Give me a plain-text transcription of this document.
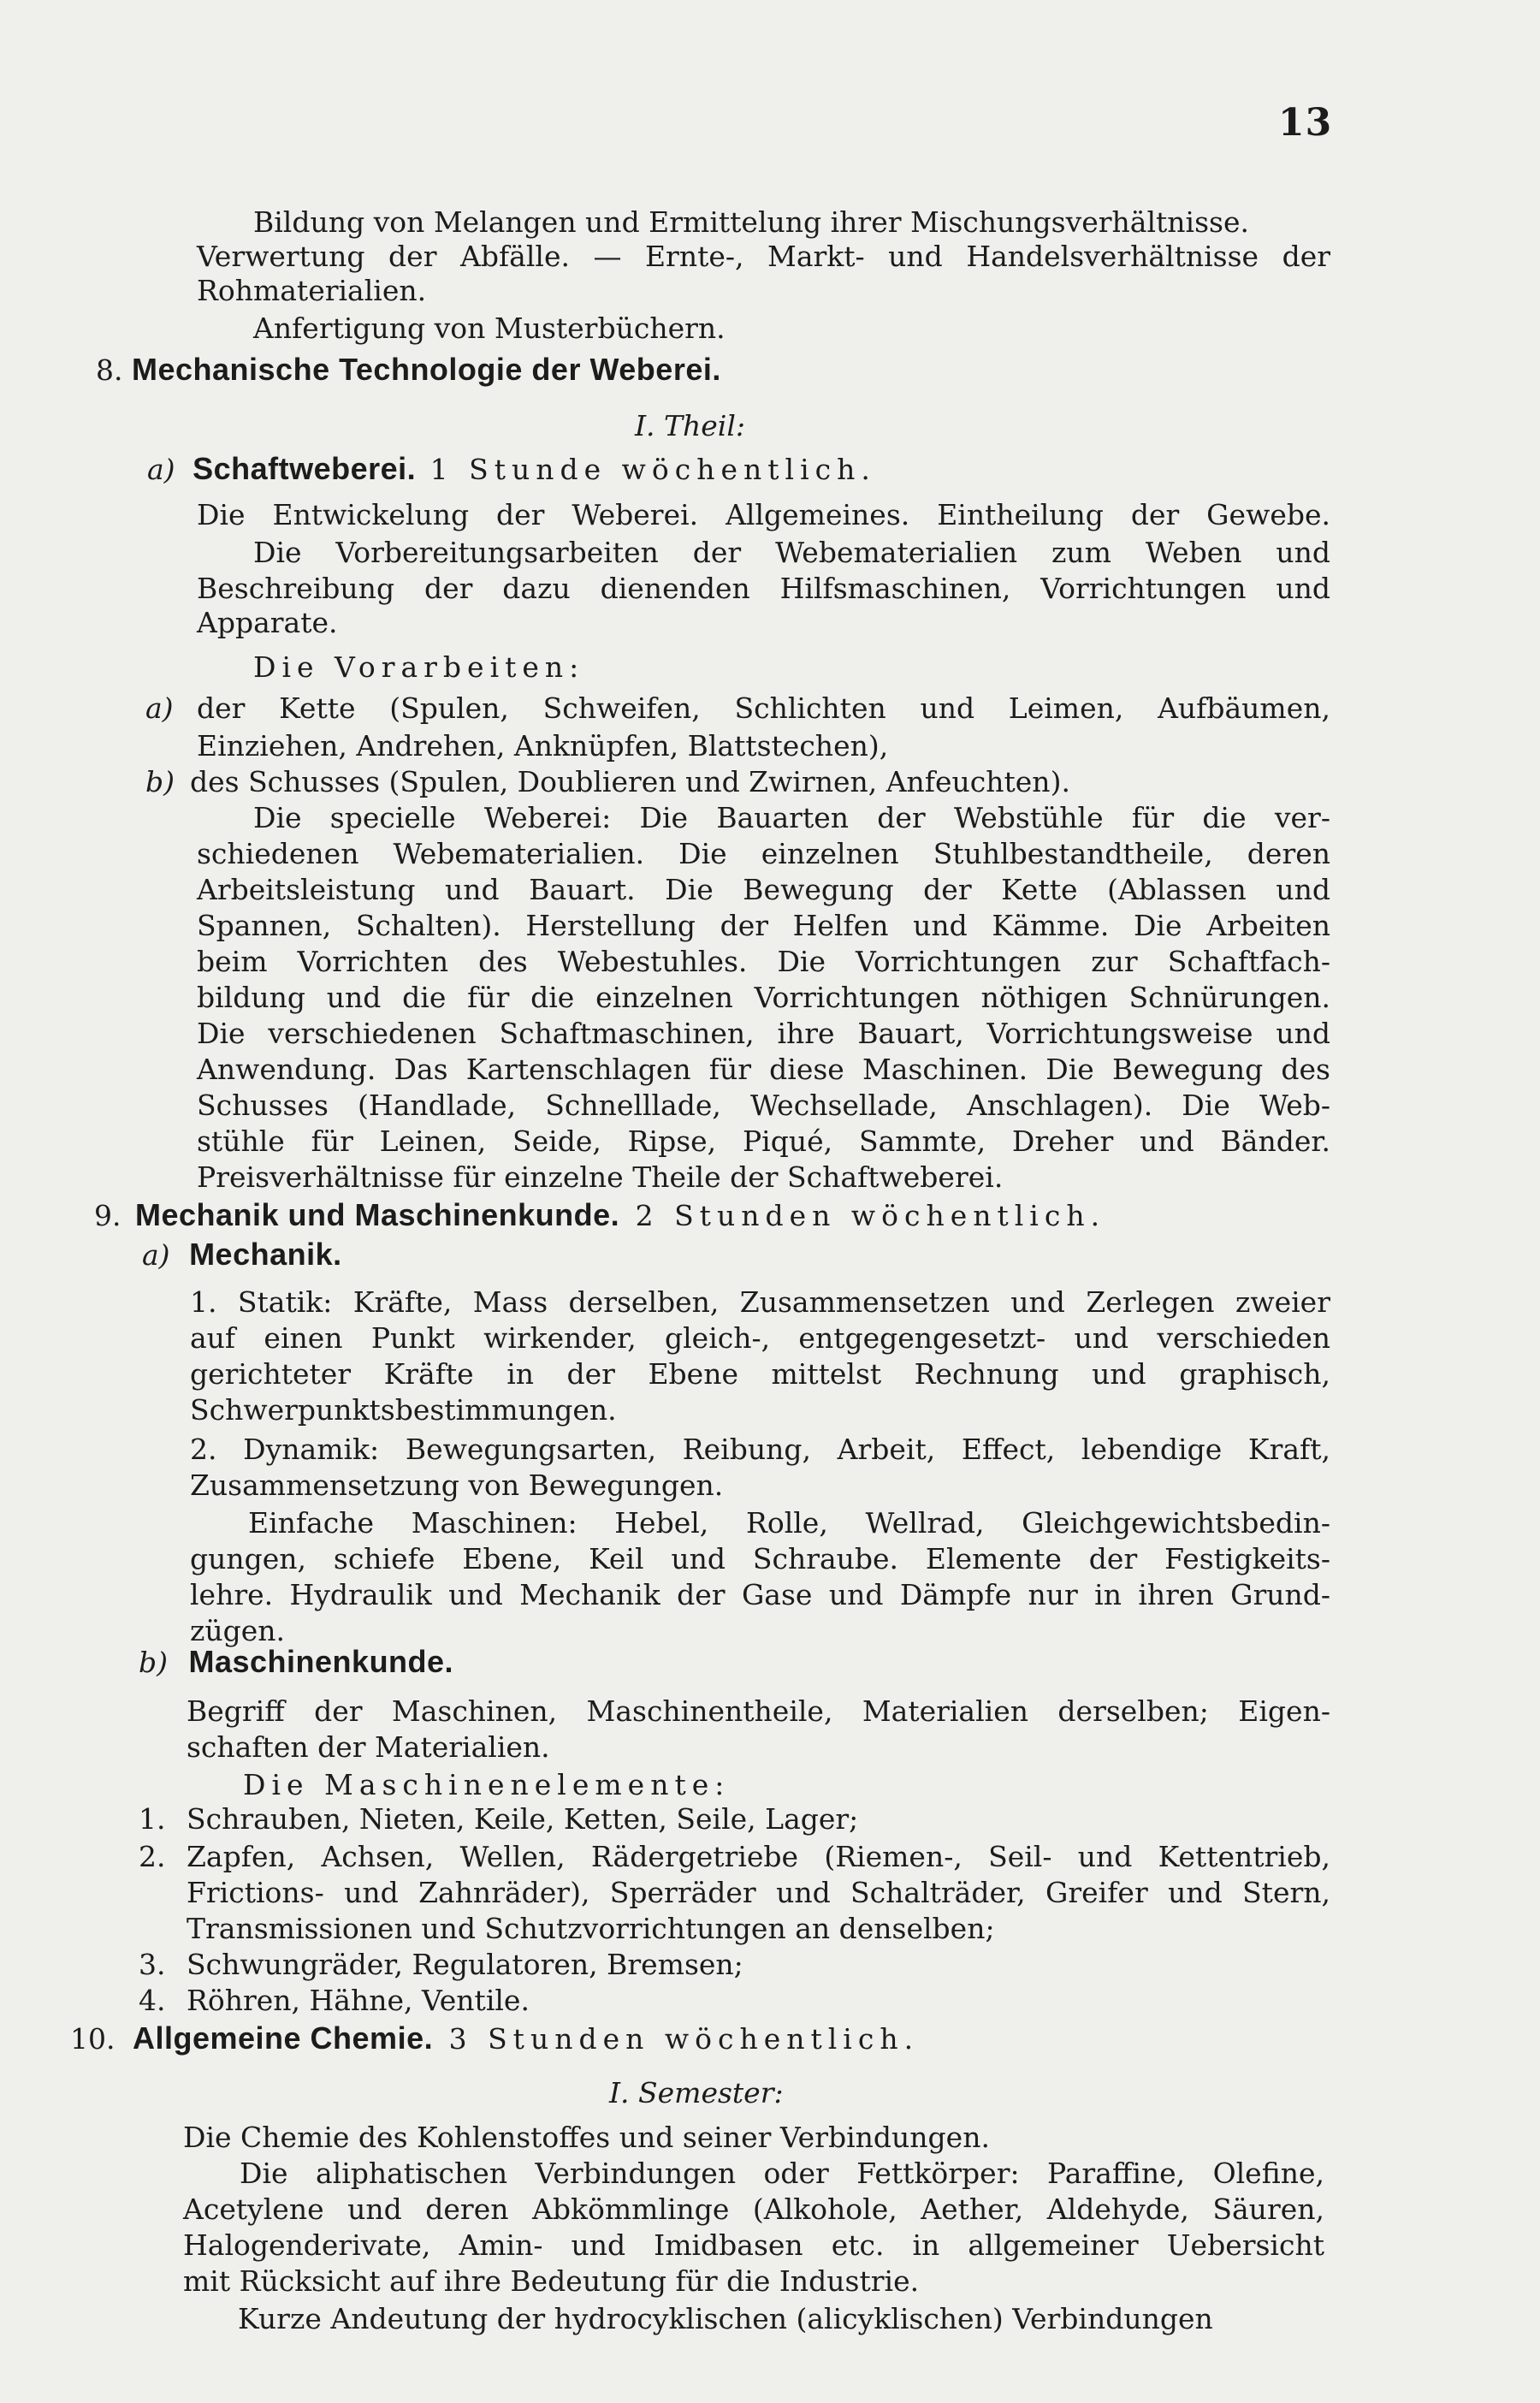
13
Bildung von Melangen und Ermittelung ihrer Mischungsverhältnisse.
Verwertung der Abfälle. — Ernte-, Markt- und Handelsverhältnisse der
Rohmaterialien.
Anfertigung von Musterbüchern.
8. Mechanische Technologie der Weberei.
I. Theil:
a) Schaftweberei. 1 Stunde wöchentlich.
Die Entwickelung der Weberei. Allgemeines. Eintheilung der Gewebe.
Die Vorbereitungsarbeiten der Webematerialien zum Weben und
Beschreibung der dazu dienenden Hilfsmaschinen, Vorrichtungen und
Apparate.
Die Vorarbeiten:
a) der Kette (Spulen, Schweifen, Schlichten und Leimen, Aufbäumen,
Einziehen, Andrehen, Anknüpfen, Blattstechen),
b) des Schusses (Spulen, Doublieren und Zwirnen, Anfeuchten).
Die specielle Weberei: Die Bauarten der Webstühle für die ver-
schiedenen Webematerialien. Die einzelnen Stuhlbestandtheile, deren
Arbeitsleistung und Bauart. Die Bewegung der Kette (Ablassen und
Spannen, Schalten). Herstellung der Helfen und Kämme. Die Arbeiten
beim Vorrichten des Webestuhles. Die Vorrichtungen zur Schaftfach-
bildung und die für die einzelnen Vorrichtungen nöthigen Schnürungen.
Die verschiedenen Schaftmaschinen, ihre Bauart, Vorrichtungsweise und
Anwendung. Das Kartenschlagen für diese Maschinen. Die Bewegung des
Schusses (Handlade, Schnelllade, Wechsellade, Anschlagen). Die Web-
stühle für Leinen, Seide, Ripse, Piqué, Sammte, Dreher und Bänder.
Preisverhältnisse für einzelne Theile der Schaftweberei.
9. Mechanik und Maschinenkunde. 2 Stunden wöchentlich.
a) Mechanik.
1. Statik: Kräfte, Mass derselben, Zusammensetzen und Zerlegen zweier
auf einen Punkt wirkender, gleich-, entgegengesetzt- und verschieden
gerichteter Kräfte in der Ebene mittelst Rechnung und graphisch,
Schwerpunktsbestimmungen.
2. Dynamik: Bewegungsarten, Reibung, Arbeit, Effect, lebendige Kraft,
Zusammensetzung von Bewegungen.
Einfache Maschinen: Hebel, Rolle, Wellrad, Gleichgewichtsbedin-
gungen, schiefe Ebene, Keil und Schraube. Elemente der Festigkeits-
lehre. Hydraulik und Mechanik der Gase und Dämpfe nur in ihren Grund-
zügen.
b) Maschinenkunde.
Begriff der Maschinen, Maschinentheile, Materialien derselben; Eigen-
schaften der Materialien.
Die Maschinenelemente:
1. Schrauben, Nieten, Keile, Ketten, Seile, Lager;
2. Zapfen, Achsen, Wellen, Rädergetriebe (Riemen-, Seil- und Kettentrieb,
Frictions- und Zahnräder), Sperräder und Schalträder, Greifer und Stern,
Transmissionen und Schutzvorrichtungen an denselben;
3. Schwungräder, Regulatoren, Bremsen;
4. Röhren, Hähne, Ventile.
10. Allgemeine Chemie. 3 Stunden wöchentlich.
I. Semester:
Die Chemie des Kohlenstoffes und seiner Verbindungen.
Die aliphatischen Verbindungen oder Fettkörper: Paraffine, Olefine,
Acetylene und deren Abkömmlinge (Alkohole, Aether, Aldehyde, Säuren,
Halogenderivate, Amin- und Imidbasen etc. in allgemeiner Uebersicht
mit Rücksicht auf ihre Bedeutung für die Industrie.
Kurze Andeutung der hydrocyklischen (alicyklischen) Verbindungen
